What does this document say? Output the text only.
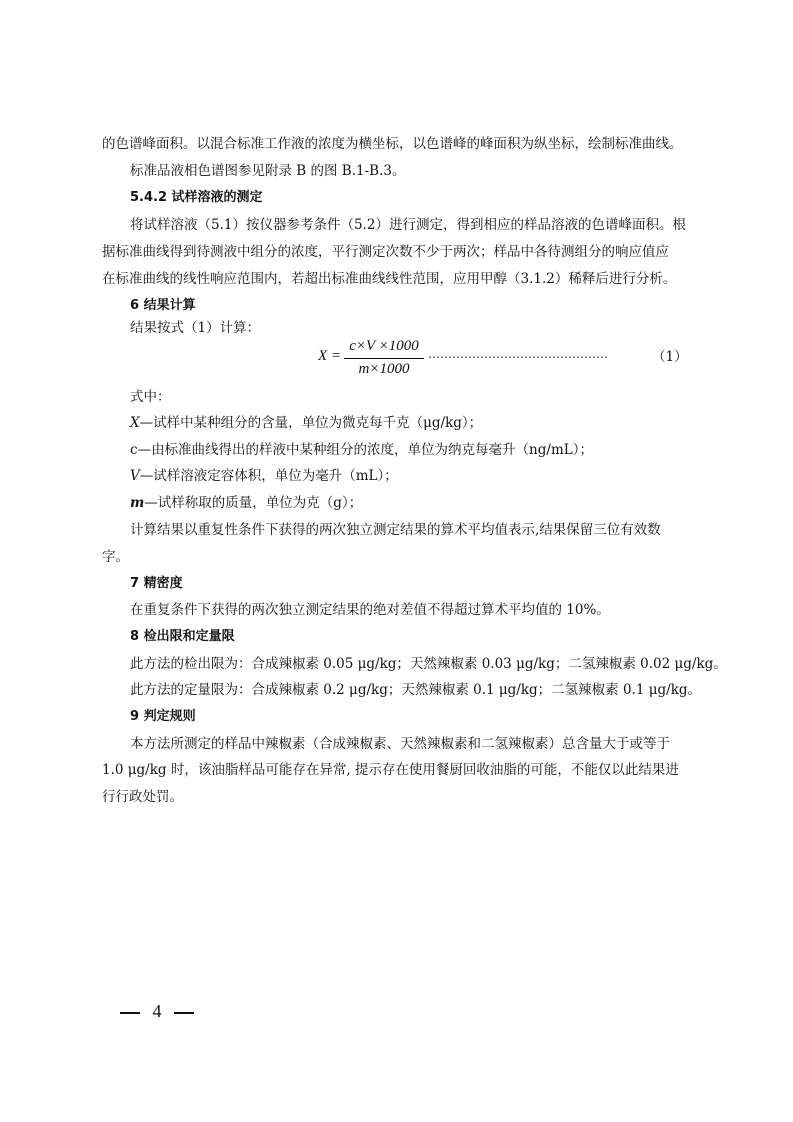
的色谱峰面积。以混合标准工作液的浓度为横坐标，以色谱峰的峰面积为纵坐标，绘制标准曲线。
标准品液相色谱图参见附录 B 的图 B.1-B.3。
5.4.2 试样溶液的测定
将试样溶液（5.1）按仪器参考条件（5.2）进行测定，得到相应的样品溶液的色谱峰面积。根
据标准曲线得到待测液中组分的浓度，平行测定次数不少于两次；样品中各待测组分的响应值应
在标准曲线的线性响应范围内，若超出标准曲线线性范围，应用甲醇（3.1.2）稀释后进行分析。
6 结果计算
结果按式（1）计算：
X =
c×V ×1000
m×1000
………………………………………	（1）
式中：
X—试样中某种组分的含量，单位为微克每千克（μg/kg）；
c—由标准曲线得出的样液中某种组分的浓度，单位为纳克每毫升（ng/mL）；
V—试样溶液定容体积，单位为毫升（mL）；
m—试样称取的质量，单位为克（g）；
计算结果以重复性条件下获得的两次独立测定结果的算术平均值表示,结果保留三位有效数
字。
7 精密度
在重复条件下获得的两次独立测定结果的绝对差值不得超过算术平均值的 10%。
8 检出限和定量限
此方法的检出限为：合成辣椒素 0.05 μg/kg；天然辣椒素 0.03 μg/kg；二氢辣椒素 0.02 μg/kg。
此方法的定量限为：合成辣椒素 0.2 μg/kg；天然辣椒素 0.1 μg/kg；二氢辣椒素 0.1 μg/kg。
9 判定规则
本方法所测定的样品中辣椒素（合成辣椒素、天然辣椒素和二氢辣椒素）总含量大于或等于
1.0 μg/kg 时，该油脂样品可能存在异常, 提示存在使用餐厨回收油脂的可能，不能仅以此结果进
行行政处罚。
4
